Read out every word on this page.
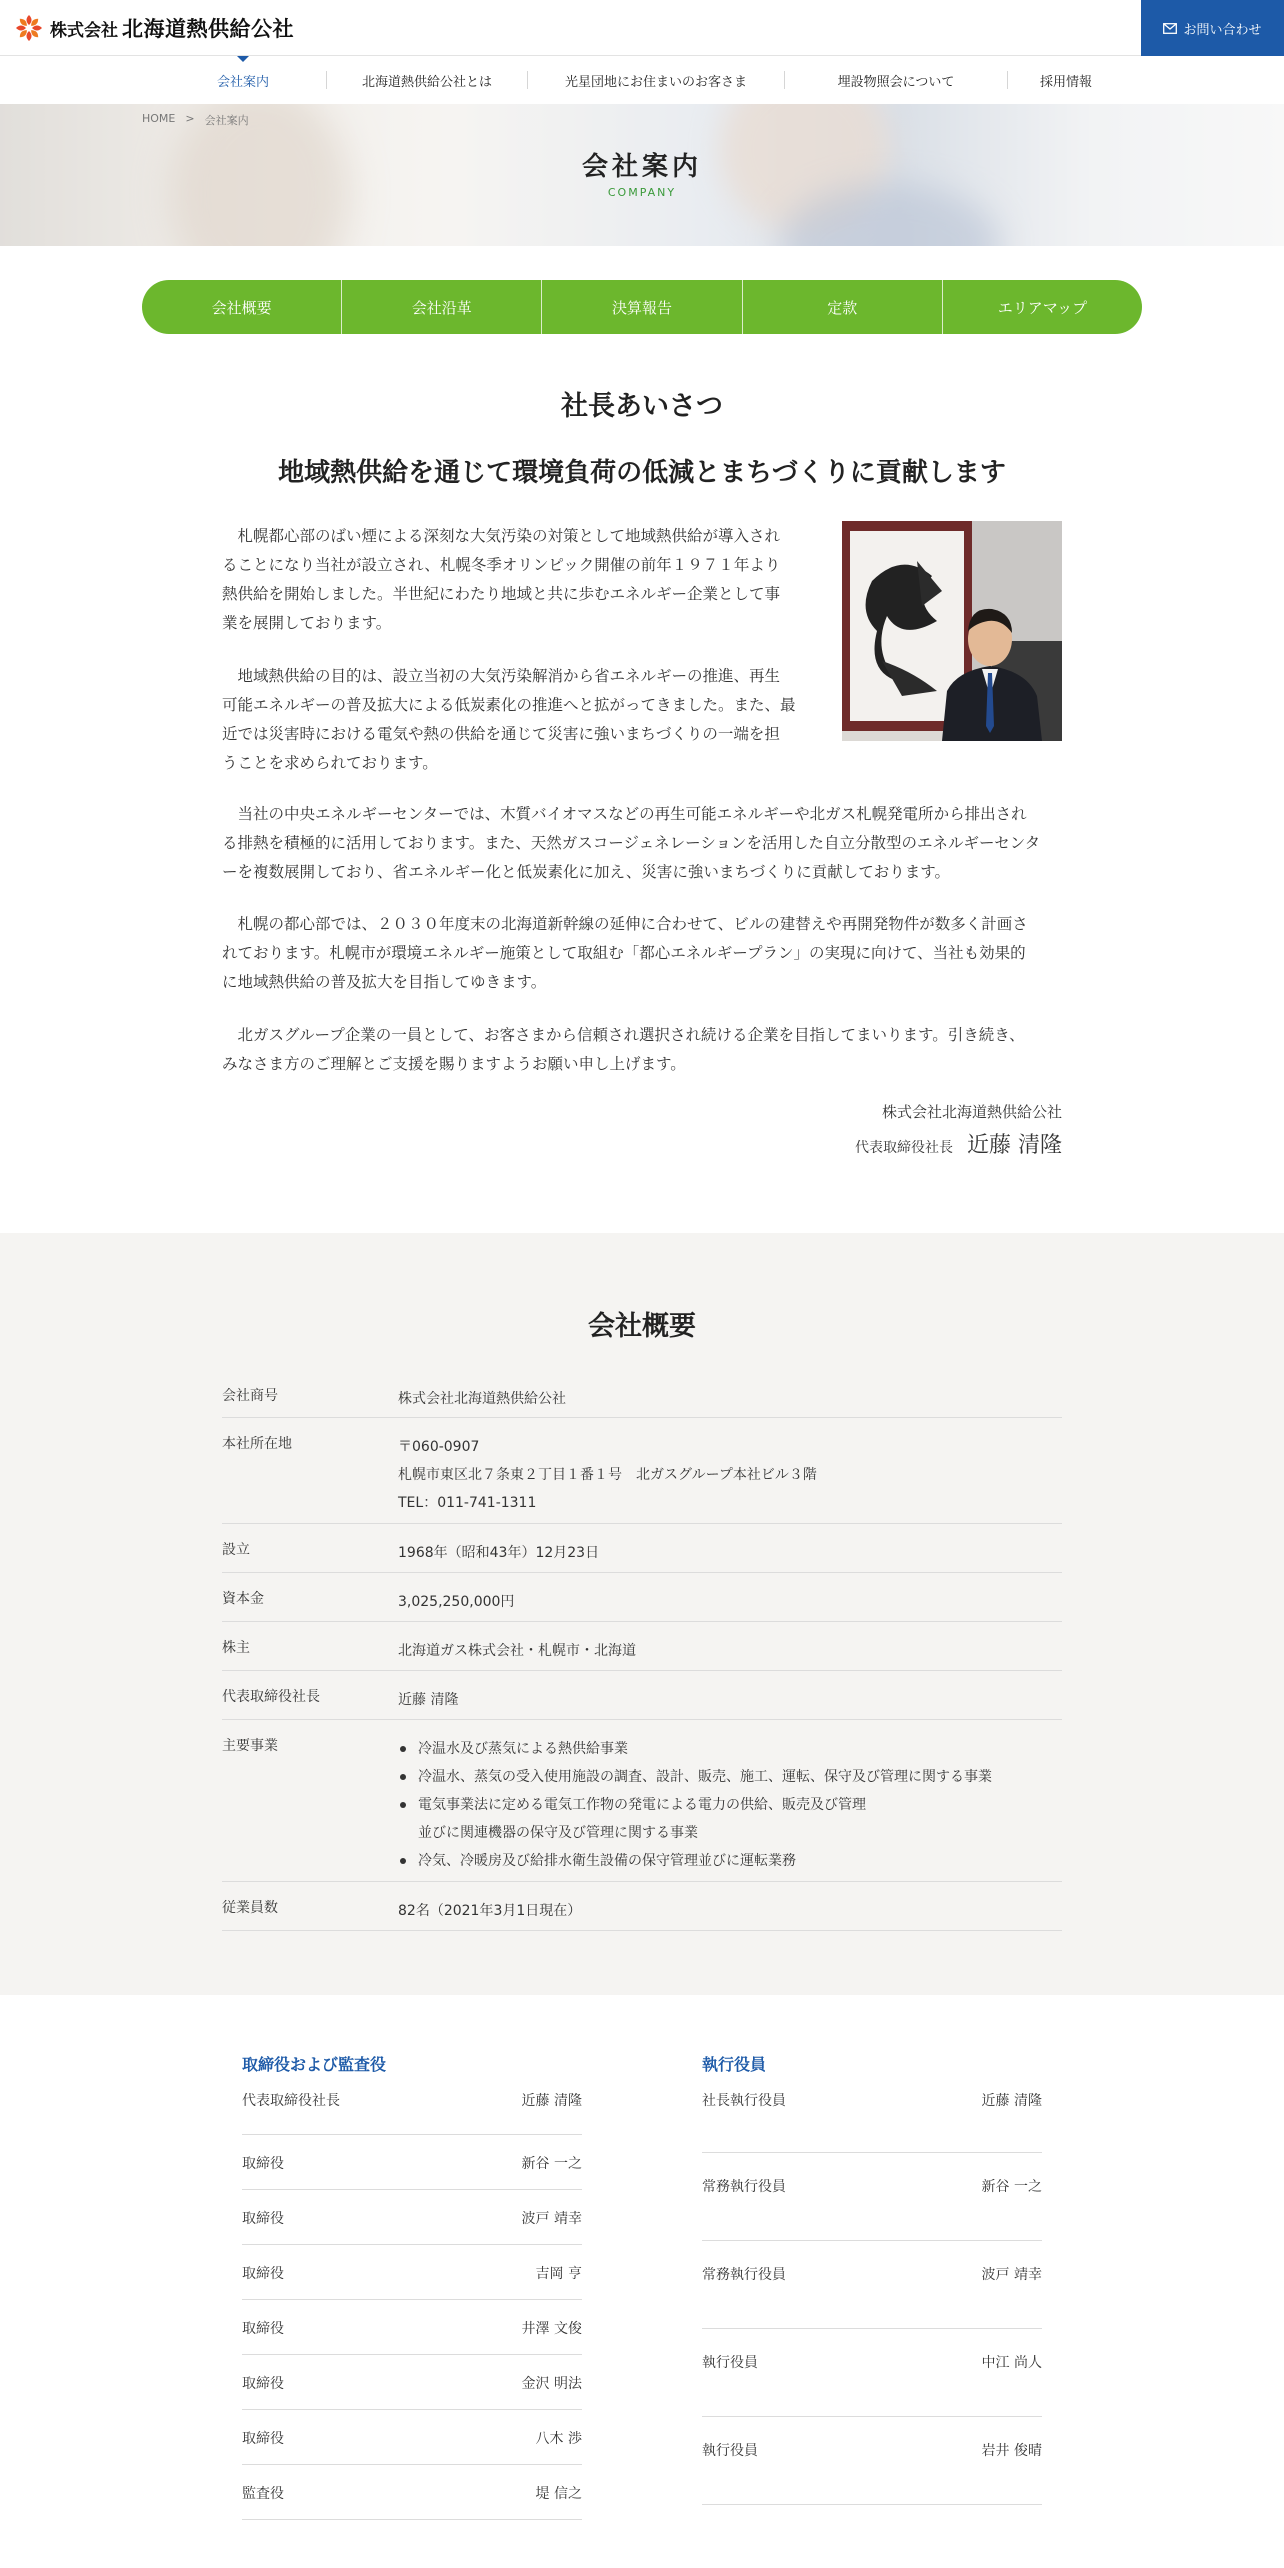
株式会社 北海道熱供給公社	お問い合わせ
会社案内	北海道熱供給公社とは	光星団地にお住まいのお客さま	埋設物照会について	採用情報
HOME > 会社案内
会社案内
COMPANY
会社概要	会社沿革	決算報告	定款	エリアマップ
社長あいさつ
地域熱供給を通じて環境負荷の低減とまちづくりに貢献します
札幌都心部のばい煙による深刻な大気汚染の対策として地域熱供給が導入され
ることになり当社が設立され、札幌冬季オリンピック開催の前年１９７１年より
熱供給を開始しました。半世紀にわたり地域と共に歩むエネルギー企業として事
業を展開しております。
地域熱供給の目的は、設立当初の大気汚染解消から省エネルギーの推進、再生
可能エネルギーの普及拡大による低炭素化の推進へと拡がってきました。また、最
近では災害時における電気や熱の供給を通じて災害に強いまちづくりの一端を担
うことを求められております。
当社の中央エネルギーセンターでは、木質バイオマスなどの再生可能エネルギーや北ガス札幌発電所から排出され
る排熱を積極的に活用しております。また、天然ガスコージェネレーションを活用した自立分散型のエネルギーセンタ
ーを複数展開しており、省エネルギー化と低炭素化に加え、災害に強いまちづくりに貢献しております。
札幌の都心部では、２０３０年度末の北海道新幹線の延伸に合わせて、ビルの建替えや再開発物件が数多く計画さ
れております。札幌市が環境エネルギー施策として取組む「都心エネルギープラン」の実現に向けて、当社も効果的
に地域熱供給の普及拡大を目指してゆきます。
北ガスグループ企業の一員として、お客さまから信頼され選択され続ける企業を目指してまいります。引き続き、
みなさま方のご理解とご支援を賜りますようお願い申し上げます。
株式会社北海道熱供給公社
代表取締役社長 近藤 清隆
会社概要
会社商号	株式会社北海道熱供給公社
本社所在地	〒060-0907
札幌市東区北７条東２丁目１番１号　北ガスグループ本社ビル３階
TEL：011-741-1311
設立	1968年（昭和43年）12月23日
資本金	3,025,250,000円
株主	北海道ガス株式会社・札幌市・北海道
代表取締役社長	近藤 清隆
主要事業	冷温水及び蒸気による熱供給事業
冷温水、蒸気の受入使用施設の調査、設計、販売、施工、運転、保守及び管理に関する事業
電気事業法に定める電気工作物の発電による電力の供給、販売及び管理
並びに関連機器の保守及び管理に関する事業
冷気、冷暖房及び給排水衛生設備の保守管理並びに運転業務
従業員数	82名（2021年3月1日現在）
取締役および監査役
代表取締役社長	近藤 清隆
取締役	新谷 一之
取締役	波戸 靖幸
取締役	吉岡 亨
取締役	井澤 文俊
取締役	金沢 明法
取締役	八木 渉
監査役	堤 信之
執行役員
社長執行役員	近藤 清隆
常務執行役員	新谷 一之
常務執行役員	波戸 靖幸
執行役員	中江 尚人
執行役員	岩井 俊晴
